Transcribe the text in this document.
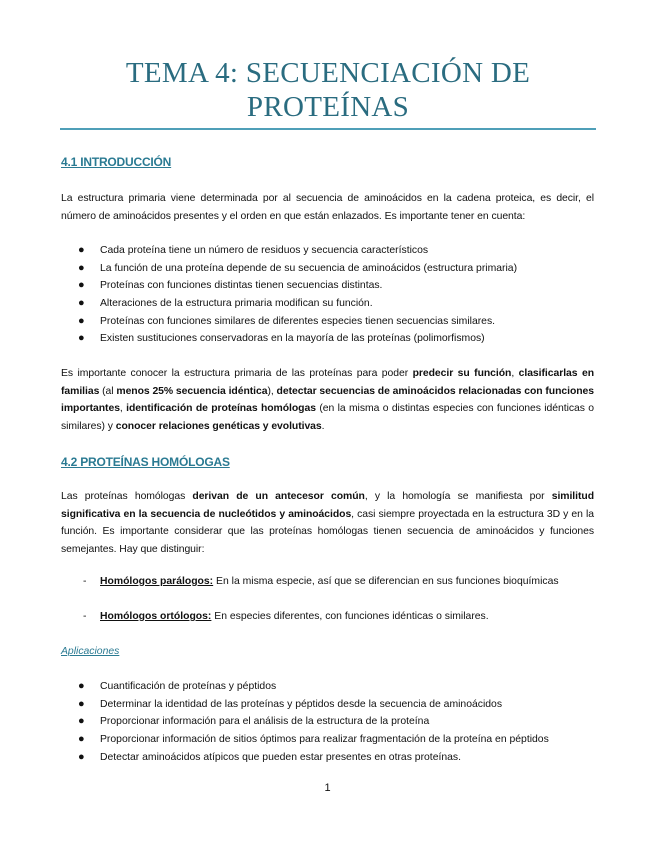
TEMA 4: SECUENCIACIÓN DE PROTEÍNAS
4.1 INTRODUCCIÓN
La estructura primaria viene determinada por al secuencia de aminoácidos en la cadena proteica, es decir, el número de aminoácidos presentes y el orden en que están enlazados. Es importante tener en cuenta:
● Cada proteína tiene un número de residuos y secuencia característicos
● La función de una proteína depende de su secuencia de aminoácidos (estructura primaria)
● Proteínas con funciones distintas tienen secuencias distintas.
● Alteraciones de la estructura primaria modifican su función.
● Proteínas con funciones similares de diferentes especies tienen secuencias similares.
● Existen sustituciones conservadoras en la mayoría de las proteínas (polimorfismos)
Es importante conocer la estructura primaria de las proteínas para poder predecir su función, clasificarlas en familias (al menos 25% secuencia idéntica), detectar secuencias de aminoácidos relacionadas con funciones importantes, identificación de proteínas homólogas (en la misma o distintas especies con funciones idénticas o similares) y conocer relaciones genéticas y evolutivas.
4.2 PROTEÍNAS HOMÓLOGAS
Las proteínas homólogas derivan de un antecesor común, y la homología se manifiesta por similitud significativa en la secuencia de nucleótidos y aminoácidos, casi siempre proyectada en la estructura 3D y en la función. Es importante considerar que las proteínas homólogas tienen secuencia de aminoácidos y funciones semejantes. Hay que distinguir:
- Homólogos parálogos: En la misma especie, así que se diferencian en sus funciones bioquímicas
- Homólogos ortólogos: En especies diferentes, con funciones idénticas o similares.
Aplicaciones
● Cuantificación de proteínas y péptidos
● Determinar la identidad de las proteínas y péptidos desde la secuencia de aminoácidos
● Proporcionar información para el análisis de la estructura de la proteína
● Proporcionar información de sitios óptimos para realizar fragmentación de la proteína en péptidos
● Detectar aminoácidos atípicos que pueden estar presentes en otras proteínas.
1
